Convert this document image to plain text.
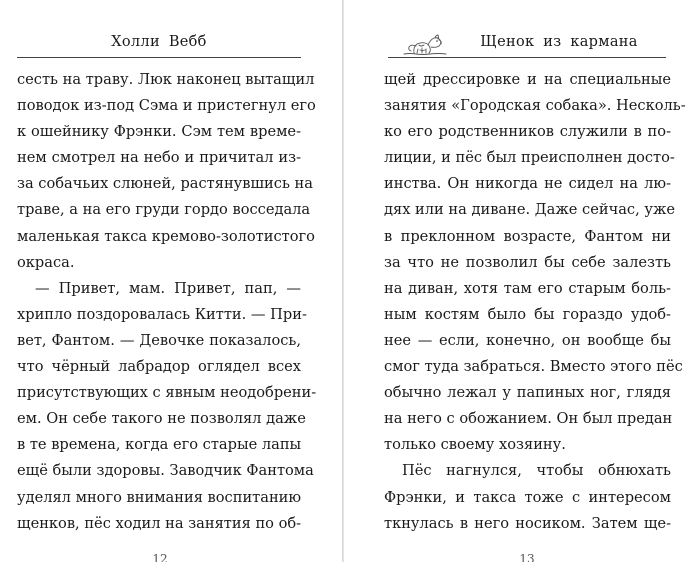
Холли Вебб
сесть на траву. Люк наконец вытащил
поводок из-под Сэма и пристегнул его
к ошейнику Фрэнки. Сэм тем време-
нем смотрел на небо и причитал из-
за собачьих слюней, растянувшись на
траве, а на его груди гордо восседала
маленькая такса кремово-золотистого
окраса.
— Привет, мам. Привет, пап, —
хрипло поздоровалась Китти. — При-
вет, Фантом. — Девочке показалось,
что чёрный лабрадор оглядел всех
присутствующих с явным неодобрени-
ем. Он себе такого не позволял даже
в те времена, когда его старые лапы
ещё были здоровы. Заводчик Фантома
уделял много внимания воспитанию
щенков, пёс ходил на занятия по об-
12
Щенок из кармана
щей дрессировке и на специальные
занятия «Городская собака». Несколь-
ко его родственников служили в по-
лиции, и пёс был преисполнен досто-
инства. Он никогда не сидел на лю-
дях или на диване. Даже сейчас, уже
в преклонном возрасте, Фантом ни
за что не позволил бы себе залезть
на диван, хотя там его старым боль-
ным костям было бы гораздо удоб-
нее — если, конечно, он вообще бы
смог туда забраться. Вместо этого пёс
обычно лежал у папиных ног, глядя
на него с обожанием. Он был предан
только своему хозяину.
Пёс нагнулся, чтобы обнюхать
Фрэнки, и такса тоже с интересом
ткнулась в него носиком. Затем ще-
13
